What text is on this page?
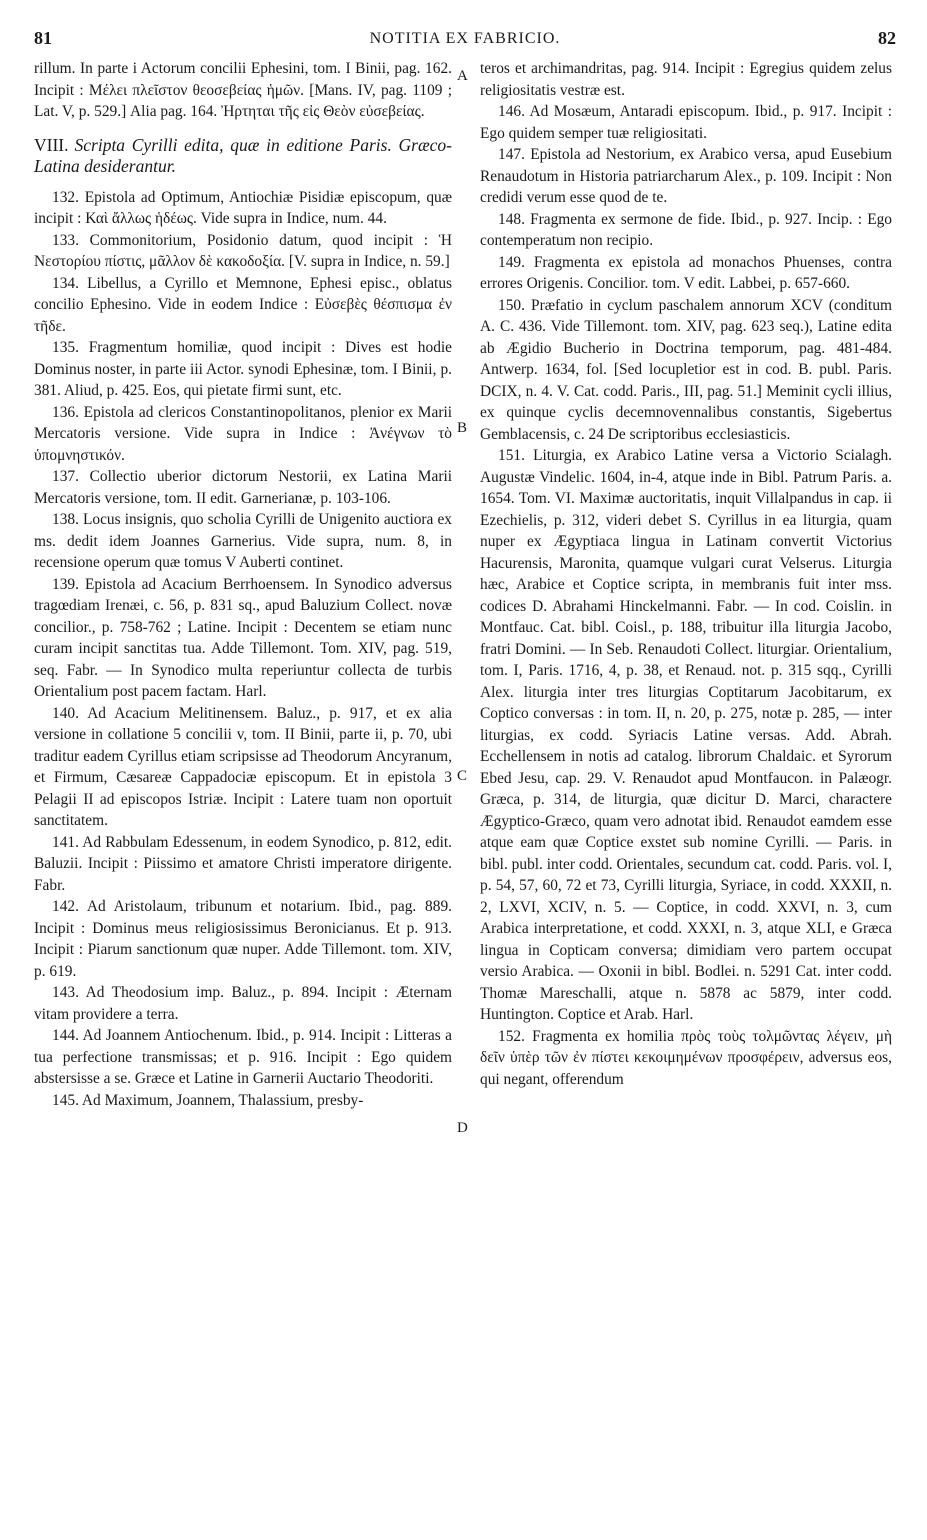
81	NOTITIA EX FABRICIO.	82
A
B
C
D

rillum. In parte i Actorum concilii Ephesini, tom. I Binii, pag. 162. Incipit : Μέλει πλεῖστον θεοσεβείας ἡμῶν. [Mans. IV, pag. 1109 ; Lat. V, p. 529.] Alia pag. 164. Ἠρτηται τῆς εἰς Θεὸν εὐσεβείας.

VIII. Scripta Cyrilli edita, quæ in editione Paris. Græco-Latina desiderantur.

132. Epistola ad Optimum, Antiochiæ Pisidiæ episcopum, quæ incipit : Καὶ ἄλλως ἡδέως. Vide supra in Indice, num. 44.

133. Commonitorium, Posidonio datum, quod incipit : Ἡ Νεστορίου πίστις, μᾶλλον δὲ κακοδοξία. [V. supra in Indice, n. 59.]

134. Libellus, a Cyrillo et Memnone, Ephesi episc., oblatus concilio Ephesino. Vide in eodem Indice : Εὐσεβὲς θέσπισμα ἐν τῆδε.

135. Fragmentum homiliæ, quod incipit : Dives est hodie Dominus noster, in parte iii Actor. synodi Ephesinæ, tom. I Binii, p. 381. Aliud, p. 425. Eos, qui pietate firmi sunt, etc.

136. Epistola ad clericos Constantinopolitanos, plenior ex Marii Mercatoris versione. Vide supra in Indice : Ἀνέγνων τὸ ὑπομνηστικόν.

137. Collectio uberior dictorum Nestorii, ex Latina Marii Mercatoris versione, tom. II edit. Garnerianæ, p. 103-106.

138. Locus insignis, quo scholia Cyrilli de Unigenito auctiora ex ms. dedit idem Joannes Garnerius. Vide supra, num. 8, in recensione operum quæ tomus V Auberti continet.

139. Epistola ad Acacium Berrhoensem. In Synodico adversus tragœdiam Irenæi, c. 56, p. 831 sq., apud Baluzium Collect. novæ concilior., p. 758-762 ; Latine. Incipit : Decentem se etiam nunc curam incipit sanctitas tua. Adde Tillemont. Tom. XIV, pag. 519, seq. Fabr. — In Synodico multa reperiuntur collecta de turbis Orientalium post pacem factam. Harl.

140. Ad Acacium Melitinensem. Baluz., p. 917, et ex alia versione in collatione 5 concilii v, tom. II Binii, parte ii, p. 70, ubi traditur eadem Cyrillus etiam scripsisse ad Theodorum Ancyranum, et Firmum, Cæsareæ Cappadociæ episcopum. Et in epistola 3 Pelagii II ad episcopos Istriæ. Incipit : Latere tuam non oportuit sanctitatem.

141. Ad Rabbulam Edessenum, in eodem Synodico, p. 812, edit. Baluzii. Incipit : Piissimo et amatore Christi imperatore dirigente. Fabr.

142. Ad Aristolaum, tribunum et notarium. Ibid., pag. 889. Incipit : Dominus meus religiosissimus Beronicianus. Et p. 913. Incipit : Piarum sanctionum quæ nuper. Adde Tillemont. tom. XIV, p. 619.

143. Ad Theodosium imp. Baluz., p. 894. Incipit : Æternam vitam providere a terra.

144. Ad Joannem Antiochenum. Ibid., p. 914. Incipit : Litteras a tua perfectione transmissas; et p. 916. Incipit : Ego quidem abstersisse a se. Græce et Latine in Garnerii Auctario Theodoriti.

145. Ad Maximum, Joannem, Thalassium, presby-

teros et archimandritas, pag. 914. Incipit : Egregius quidem zelus religiositatis vestræ est.

146. Ad Mosæum, Antaradi episcopum. Ibid., p. 917. Incipit : Ego quidem semper tuæ religiositati.

147. Epistola ad Nestorium, ex Arabico versa, apud Eusebium Renaudotum in Historia patriarcharum Alex., p. 109. Incipit : Non credidi verum esse quod de te.

148. Fragmenta ex sermone de fide. Ibid., p. 927. Incip. : Ego contemperatum non recipio.

149. Fragmenta ex epistola ad monachos Phuenses, contra errores Origenis. Concilior. tom. V edit. Labbei, p. 657-660.

150. Præfatio in cyclum paschalem annorum XCV (conditum A. C. 436. Vide Tillemont. tom. XIV, pag. 623 seq.), Latine edita ab Ægidio Bucherio in Doctrina temporum, pag. 481-484. Antwerp. 1634, fol. [Sed locupletior est in cod. B. publ. Paris. DCIX, n. 4. V. Cat. codd. Paris., III, pag. 51.] Meminit cycli illius, ex quinque cyclis decemnovennalibus constantis, Sigebertus Gemblacensis, c. 24 De scriptoribus ecclesiasticis.

151. Liturgia, ex Arabico Latine versa a Victorio Scialagh. Augustæ Vindelic. 1604, in-4, atque inde in Bibl. Patrum Paris. a. 1654. Tom. VI. Maximæ auctoritatis, inquit Villalpandus in cap. ii Ezechielis, p. 312, videri debet S. Cyrillus in ea liturgia, quam nuper ex Ægyptiaca lingua in Latinam convertit Victorius Hacurensis, Maronita, quamque vulgari curat Velserus. Liturgia hæc, Arabice et Coptice scripta, in membranis fuit inter mss. codices D. Abrahami Hinckelmanni. Fabr. — In cod. Coislin. in Montfauc. Cat. bibl. Coisl., p. 188, tribuitur illa liturgia Jacobo, fratri Domini. — In Seb. Renaudoti Collect. liturgiar. Orientalium, tom. I, Paris. 1716, 4, p. 38, et Renaud. not. p. 315 sqq., Cyrilli Alex. liturgia inter tres liturgias Coptitarum Jacobitarum, ex Coptico conversas : in tom. II, n. 20, p. 275, notæ p. 285, — inter liturgias, ex codd. Syriacis Latine versas. Add. Abrah. Ecchellensem in notis ad catalog. librorum Chaldaic. et Syrorum Ebed Jesu, cap. 29. V. Renaudot apud Montfaucon. in Palæogr. Græca, p. 314, de liturgia, quæ dicitur D. Marci, charactere Ægyptico-Græco, quam vero adnotat ibid. Renaudot eamdem esse atque eam quæ Coptice exstet sub nomine Cyrilli. — Paris. in bibl. publ. inter codd. Orientales, secundum cat. codd. Paris. vol. I, p. 54, 57, 60, 72 et 73, Cyrilli liturgia, Syriace, in codd. XXXII, n. 2, LXVI, XCIV, n. 5. — Coptice, in codd. XXVI, n. 3, cum Arabica interpretatione, et codd. XXXI, n. 3, atque XLI, e Græca lingua in Copticam conversa; dimidiam vero partem occupat versio Arabica. — Oxonii in bibl. Bodlei. n. 5291 Cat. inter codd. Thomæ Mareschalli, atque n. 5878 ac 5879, inter codd. Huntington. Coptice et Arab. Harl.

152. Fragmenta ex homilia πρὸς τοὺς τολμῶντας λέγειν, μὴ δεῖν ὑπὲρ τῶν ἐν πίστει κεκοιμημένων προσφέρειν, adversus eos, qui negant, offerendum
